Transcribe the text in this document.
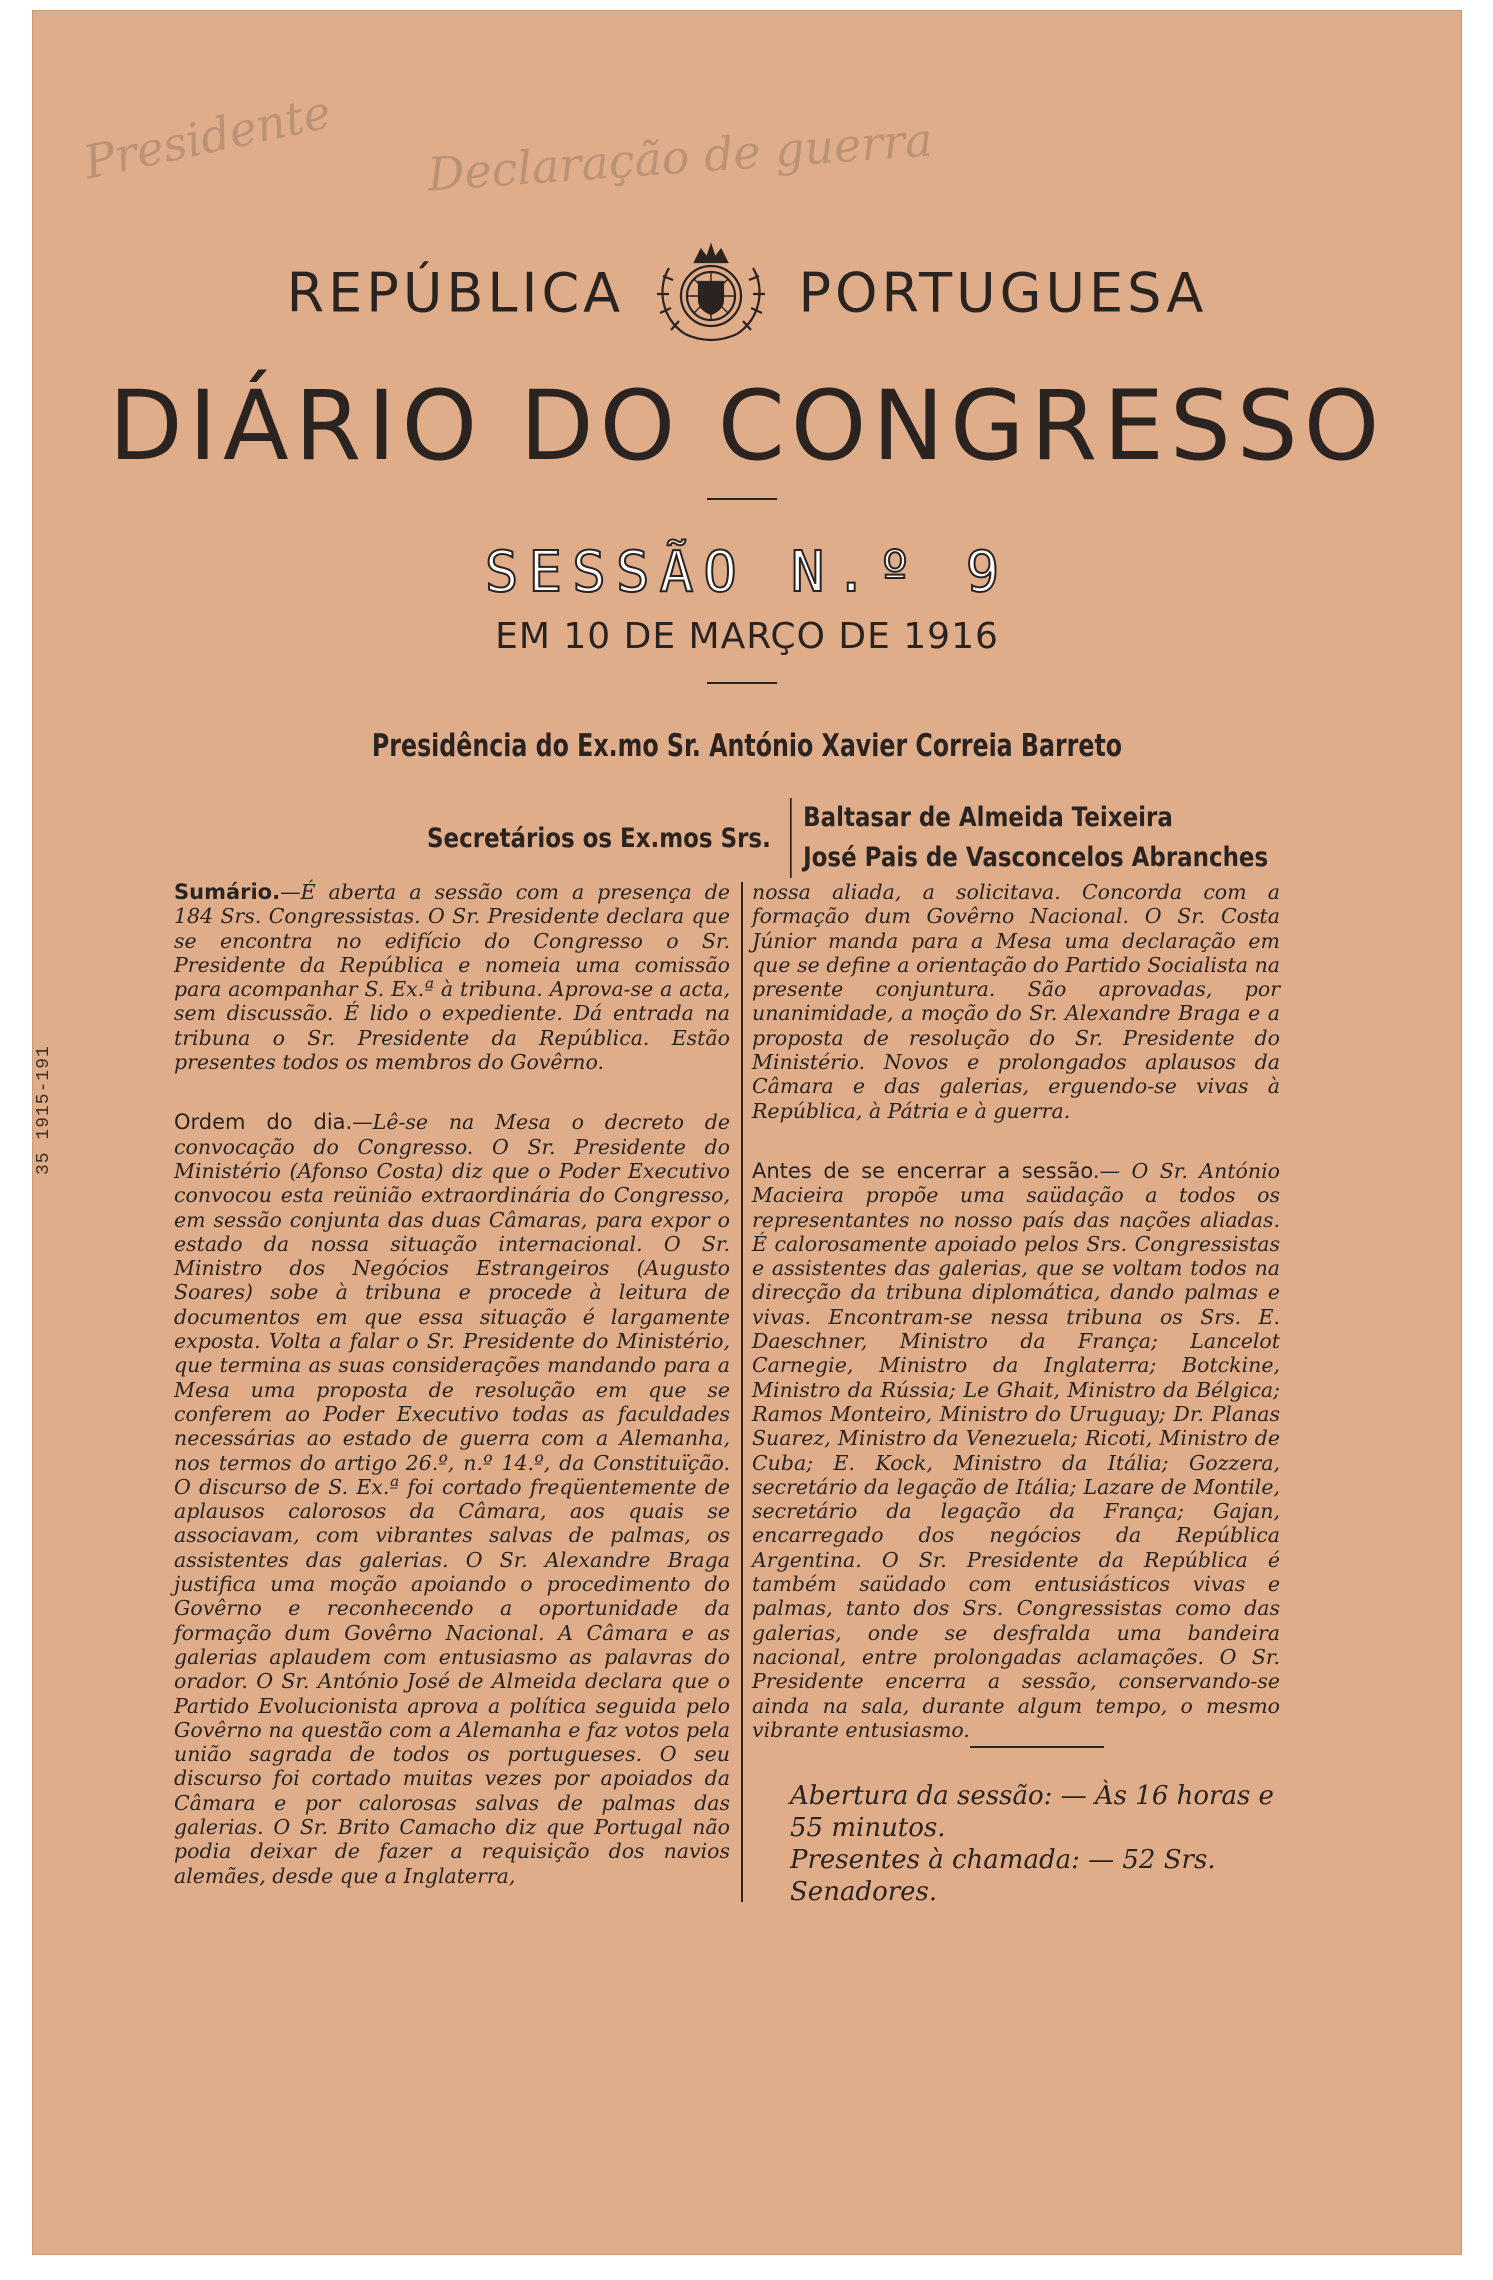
Presidente Declaração de guerra
35 1915-191
REPÚBLICA	PORTUGUESA
DIÁRIO DO CONGRESSO
SESSÃO N.º 9
EM 10 DE MARÇO DE 1916
Presidência do Ex.mo Sr. António Xavier Correia Barreto
Secretários os Ex.mos Srs.
Baltasar de Almeida Teixeira
José Pais de Vasconcelos Abranches

Sumário.—É aberta a sessão com a presença de 184 Srs. Congressistas. O Sr. Presidente declara que se encontra no edifício do Congresso o Sr. Presidente da República e nomeia uma comissão para acompanhar S. Ex.ª à tribuna. Aprova-se a acta, sem discussão. É lido o expediente. Dá entrada na tribuna o Sr. Presidente da República. Estão presentes todos os membros do Govêrno.

Ordem do dia.—Lê-se na Mesa o decreto de convocação do Congresso. O Sr. Presidente do Ministério (Afonso Costa) diz que o Poder Executivo convocou esta reünião extraordinária do Congresso, em sessão conjunta das duas Câmaras, para expor o estado da nossa situação internacional. O Sr. Ministro dos Negócios Estrangeiros (Augusto Soares) sobe à tribuna e procede à leitura de documentos em que essa situação é largamente exposta. Volta a falar o Sr. Presidente do Ministério, que termina as suas considerações mandando para a Mesa uma proposta de resolução em que se conferem ao Poder Executivo todas as faculdades necessárias ao estado de guerra com a Alemanha, nos termos do artigo 26.º, n.º 14.º, da Constituïção. O discurso de S. Ex.ª foi cortado freqüentemente de aplausos calorosos da Câmara, aos quais se associavam, com vibrantes salvas de palmas, os assistentes das galerias. O Sr. Alexandre Braga justifica uma moção apoiando o procedimento do Govêrno e reconhecendo a oportunidade da formação dum Govêrno Nacional. A Câmara e as galerias aplaudem com entusiasmo as palavras do orador. O Sr. António José de Almeida declara que o Partido Evolucionista aprova a política seguida pelo Govêrno na questão com a Alemanha e faz votos pela união sagrada de todos os portugueses. O seu discurso foi cortado muitas vezes por apoiados da Câmara e por calorosas salvas de palmas das galerias. O Sr. Brito Camacho diz que Portugal não podia deixar de fazer a requisição dos navios alemães, desde que a Inglaterra,

nossa aliada, a solicitava. Concorda com a formação dum Govêrno Nacional. O Sr. Costa Júnior manda para a Mesa uma declaração em que se define a orientação do Partido Socialista na presente conjuntura. São aprovadas, por unanimidade, a moção do Sr. Alexandre Braga e a proposta de resolução do Sr. Presidente do Ministério. Novos e prolongados aplausos da Câmara e das galerias, erguendo-se vivas à República, à Pátria e à guerra.

Antes de se encerrar a sessão.— O Sr. António Macieira propõe uma saüdação a todos os representantes no nosso país das nações aliadas. É calorosamente apoiado pelos Srs. Congressistas e assistentes das galerias, que se voltam todos na direcção da tribuna diplomática, dando palmas e vivas. Encontram-se nessa tribuna os Srs. E. Daeschner, Ministro da França; Lancelot Carnegie, Ministro da Inglaterra; Botckine, Ministro da Rússia; Le Ghait, Ministro da Bélgica; Ramos Monteiro, Ministro do Uruguay; Dr. Planas Suarez, Ministro da Venezuela; Ricoti, Ministro de Cuba; E. Kock, Ministro da Itália; Gozzera, secretário da legação de Itália; Lazare de Montile, secretário da legação da França; Gajan, encarregado dos negócios da República Argentina. O Sr. Presidente da República é também saüdado com entusiásticos vivas e palmas, tanto dos Srs. Congressistas como das galerias, onde se desfralda uma bandeira nacional, entre prolongadas aclamações. O Sr. Presidente encerra a sessão, conservando-se ainda na sala, durante algum tempo, o mesmo vibrante entusiasmo.

Abertura da sessão: — Às 16 horas e 55 minutos.

Presentes à chamada: — 52 Srs. Senadores.
